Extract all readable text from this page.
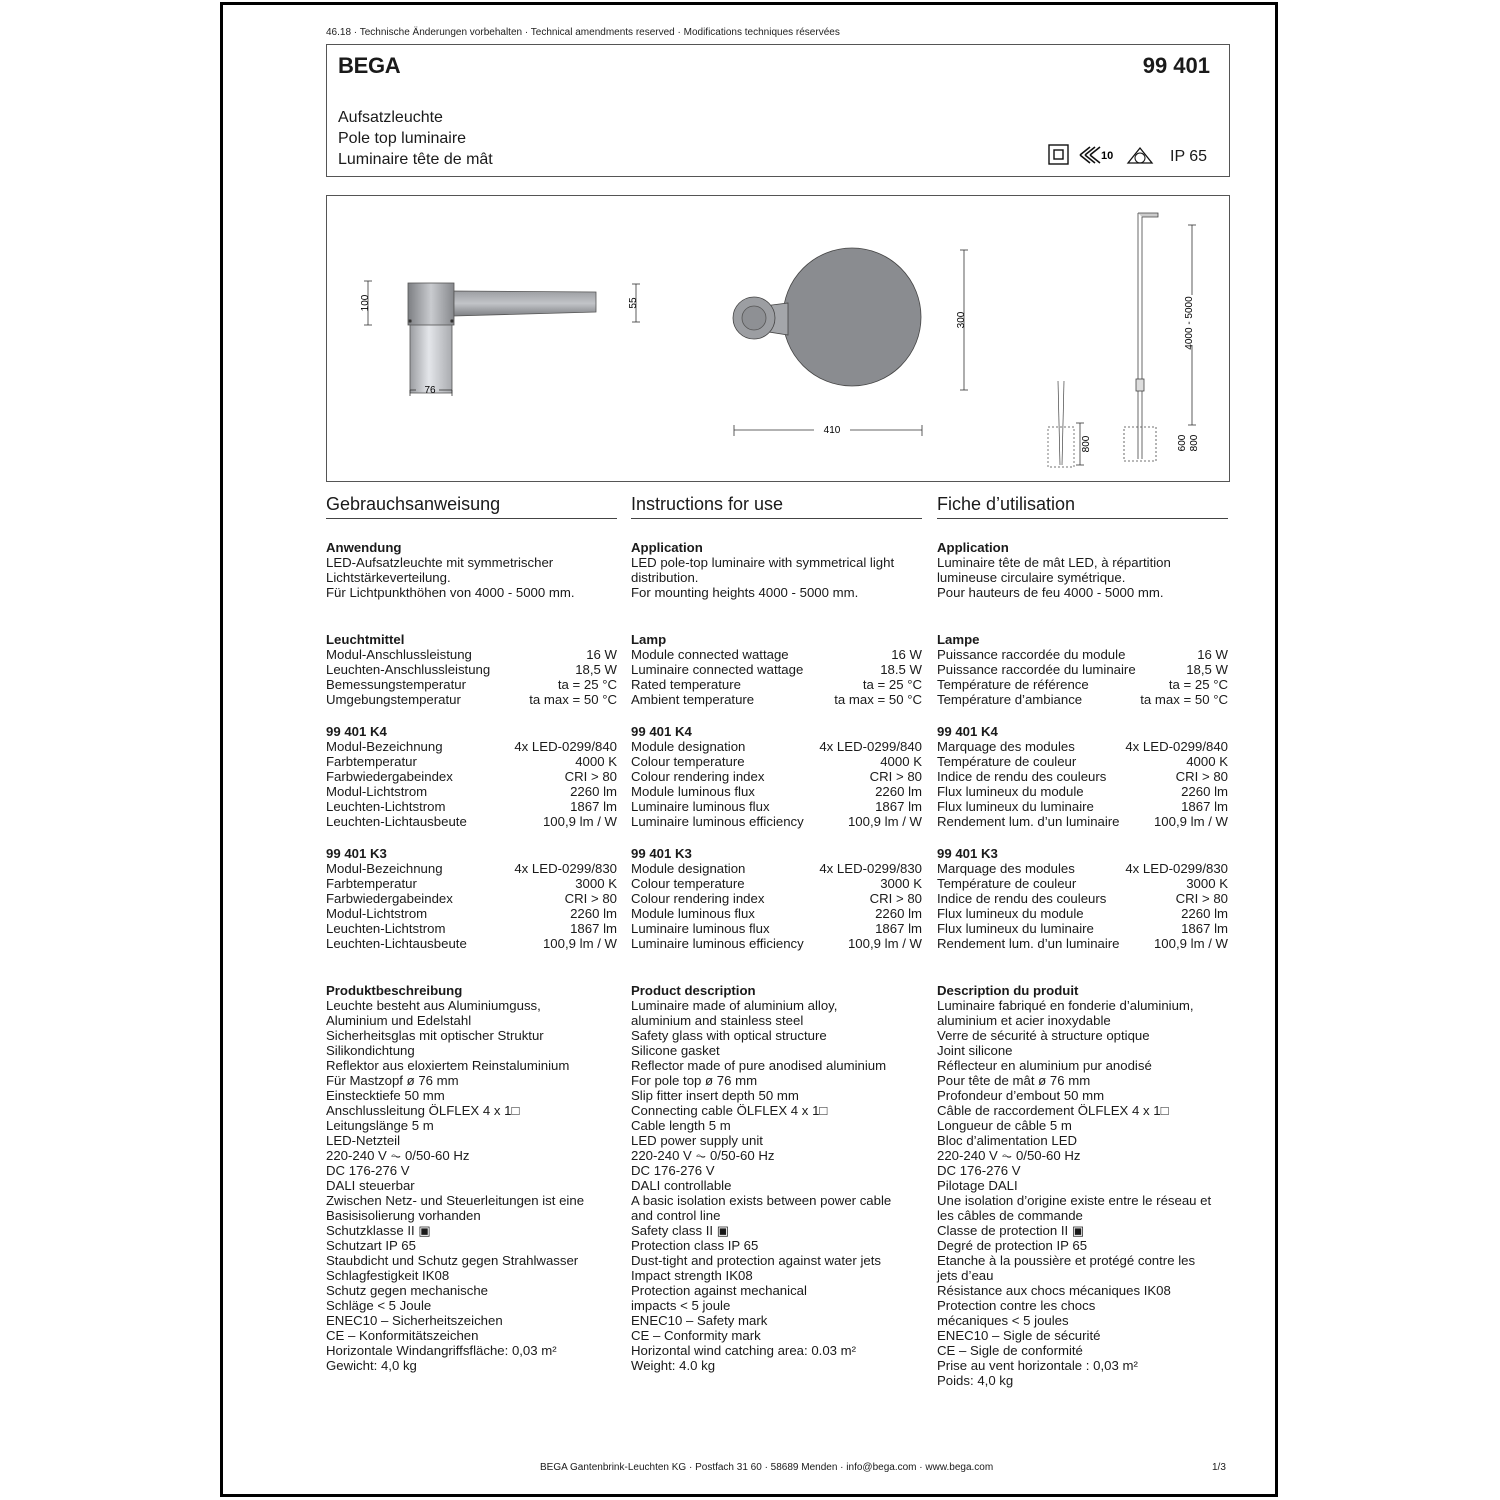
46.18 · Technische Änderungen vorbehalten · Technical amendments reserved · Modifications techniques réservées
BEGA	99 401
Aufsatzleuchte
Pole top luminaire
Luminaire tête de mât	10	IP 65
100
76
55
300
410
4000 - 5000
800	600 800
Gebrauchsanweisung
Anwendung
LED-Aufsatzleuchte mit symmetrischer
Lichtstärkeverteilung.
Für Lichtpunkthöhen von 4000 - 5000 mm.
Leuchtmittel
Modul-Anschlussleistung	16 W
Leuchten-Anschlussleistung	18,5 W
Bemessungstemperatur	ta = 25 °C
Umgebungstemperatur	ta max = 50 °C
99 401 K4
Modul-Bezeichnung	4x LED-0299/840
Farbtemperatur	4000 K
Farbwiedergabeindex	CRI > 80
Modul-Lichtstrom	2260 lm
Leuchten-Lichtstrom	1867 lm
Leuchten-Lichtausbeute	100,9 lm / W
99 401 K3
Modul-Bezeichnung	4x LED-0299/830
Farbtemperatur	3000 K
Farbwiedergabeindex	CRI > 80
Modul-Lichtstrom	2260 lm
Leuchten-Lichtstrom	1867 lm
Leuchten-Lichtausbeute	100,9 lm / W
Produktbeschreibung
Leuchte besteht aus Aluminiumguss,
Aluminium und Edelstahl
Sicherheitsglas mit optischer Struktur
Silikondichtung
Reflektor aus eloxiertem Reinstaluminium
Für Mastzopf ø 76 mm
Einstecktiefe 50 mm
Anschlussleitung ÖLFLEX 4 x 1□
Leitungslänge 5 m
LED-Netzteil
220-240 V ⏦ 0/50-60 Hz
DC 176-276 V
DALI steuerbar
Zwischen Netz- und Steuerleitungen ist eine
Basisisolierung vorhanden
Schutzklasse II ▣
Schutzart IP 65
Staubdicht und Schutz gegen Strahlwasser
Schlagfestigkeit IK08
Schutz gegen mechanische
Schläge < 5 Joule
ENEC10 – Sicherheitszeichen
CE – Konformitätszeichen
Horizontale Windangriffsfläche: 0,03 m²
Gewicht: 4,0 kg
Instructions for use
Application
LED pole-top luminaire with symmetrical light
distribution.
For mounting heights 4000 - 5000 mm.
Lamp
Module connected wattage	16 W
Luminaire connected wattage	18.5 W
Rated temperature	ta = 25 °C
Ambient temperature	ta max = 50 °C
99 401 K4
Module designation	4x LED-0299/840
Colour temperature	4000 K
Colour rendering index	CRI > 80
Module luminous flux	2260 lm
Luminaire luminous flux	1867 lm
Luminaire luminous efficiency	100,9 lm / W
99 401 K3
Module designation	4x LED-0299/830
Colour temperature	3000 K
Colour rendering index	CRI > 80
Module luminous flux	2260 lm
Luminaire luminous flux	1867 lm
Luminaire luminous efficiency	100,9 lm / W
Product description
Luminaire made of aluminium alloy,
aluminium and stainless steel
Safety glass with optical structure
Silicone gasket
Reflector made of pure anodised aluminium
For pole top ø 76 mm
Slip fitter insert depth 50 mm
Connecting cable ÖLFLEX 4 x 1□
Cable length 5 m
LED power supply unit
220-240 V ⏦ 0/50-60 Hz
DC 176-276 V
DALI controllable
A basic isolation exists between power cable
and control line
Safety class II ▣
Protection class IP 65
Dust-tight and protection against water jets
Impact strength IK08
Protection against mechanical
impacts < 5 joule
ENEC10 – Safety mark
CE – Conformity mark
Horizontal wind catching area: 0.03 m²
Weight: 4.0 kg
Fiche d’utilisation
Application
Luminaire tête de mât LED, à répartition
lumineuse circulaire symétrique.
Pour hauteurs de feu 4000 - 5000 mm.
Lampe
Puissance raccordée du module	16 W
Puissance raccordée du luminaire	18,5 W
Température de référence	ta = 25 °C
Température d’ambiance	ta max = 50 °C
99 401 K4
Marquage des modules	4x LED-0299/840
Température de couleur	4000 K
Indice de rendu des couleurs	CRI > 80
Flux lumineux du module	2260 lm
Flux lumineux du luminaire	1867 lm
Rendement lum. d’un luminaire	100,9 lm / W
99 401 K3
Marquage des modules	4x LED-0299/830
Température de couleur	3000 K
Indice de rendu des couleurs	CRI > 80
Flux lumineux du module	2260 lm
Flux lumineux du luminaire	1867 lm
Rendement lum. d’un luminaire	100,9 lm / W
Description du produit
Luminaire fabriqué en fonderie d’aluminium,
aluminium et acier inoxydable
Verre de sécurité à structure optique
Joint silicone
Réflecteur en aluminium pur anodisé
Pour tête de mât ø 76 mm
Profondeur d’embout 50 mm
Câble de raccordement ÖLFLEX 4 x 1□
Longueur de câble 5 m
Bloc d’alimentation LED
220-240 V ⏦ 0/50-60 Hz
DC 176-276 V
Pilotage DALI
Une isolation d’origine existe entre le réseau et
les câbles de commande
Classe de protection II ▣
Degré de protection IP 65
Etanche à la poussière et protégé contre les
jets d’eau
Résistance aux chocs mécaniques IK08
Protection contre les chocs
mécaniques < 5 joules
ENEC10 – Sigle de sécurité
CE – Sigle de conformité
Prise au vent horizontale : 0,03 m²
Poids: 4,0 kg
BEGA Gantenbrink-Leuchten KG · Postfach 31 60 · 58689 Menden · info@bega.com · www.bega.com	1/3
